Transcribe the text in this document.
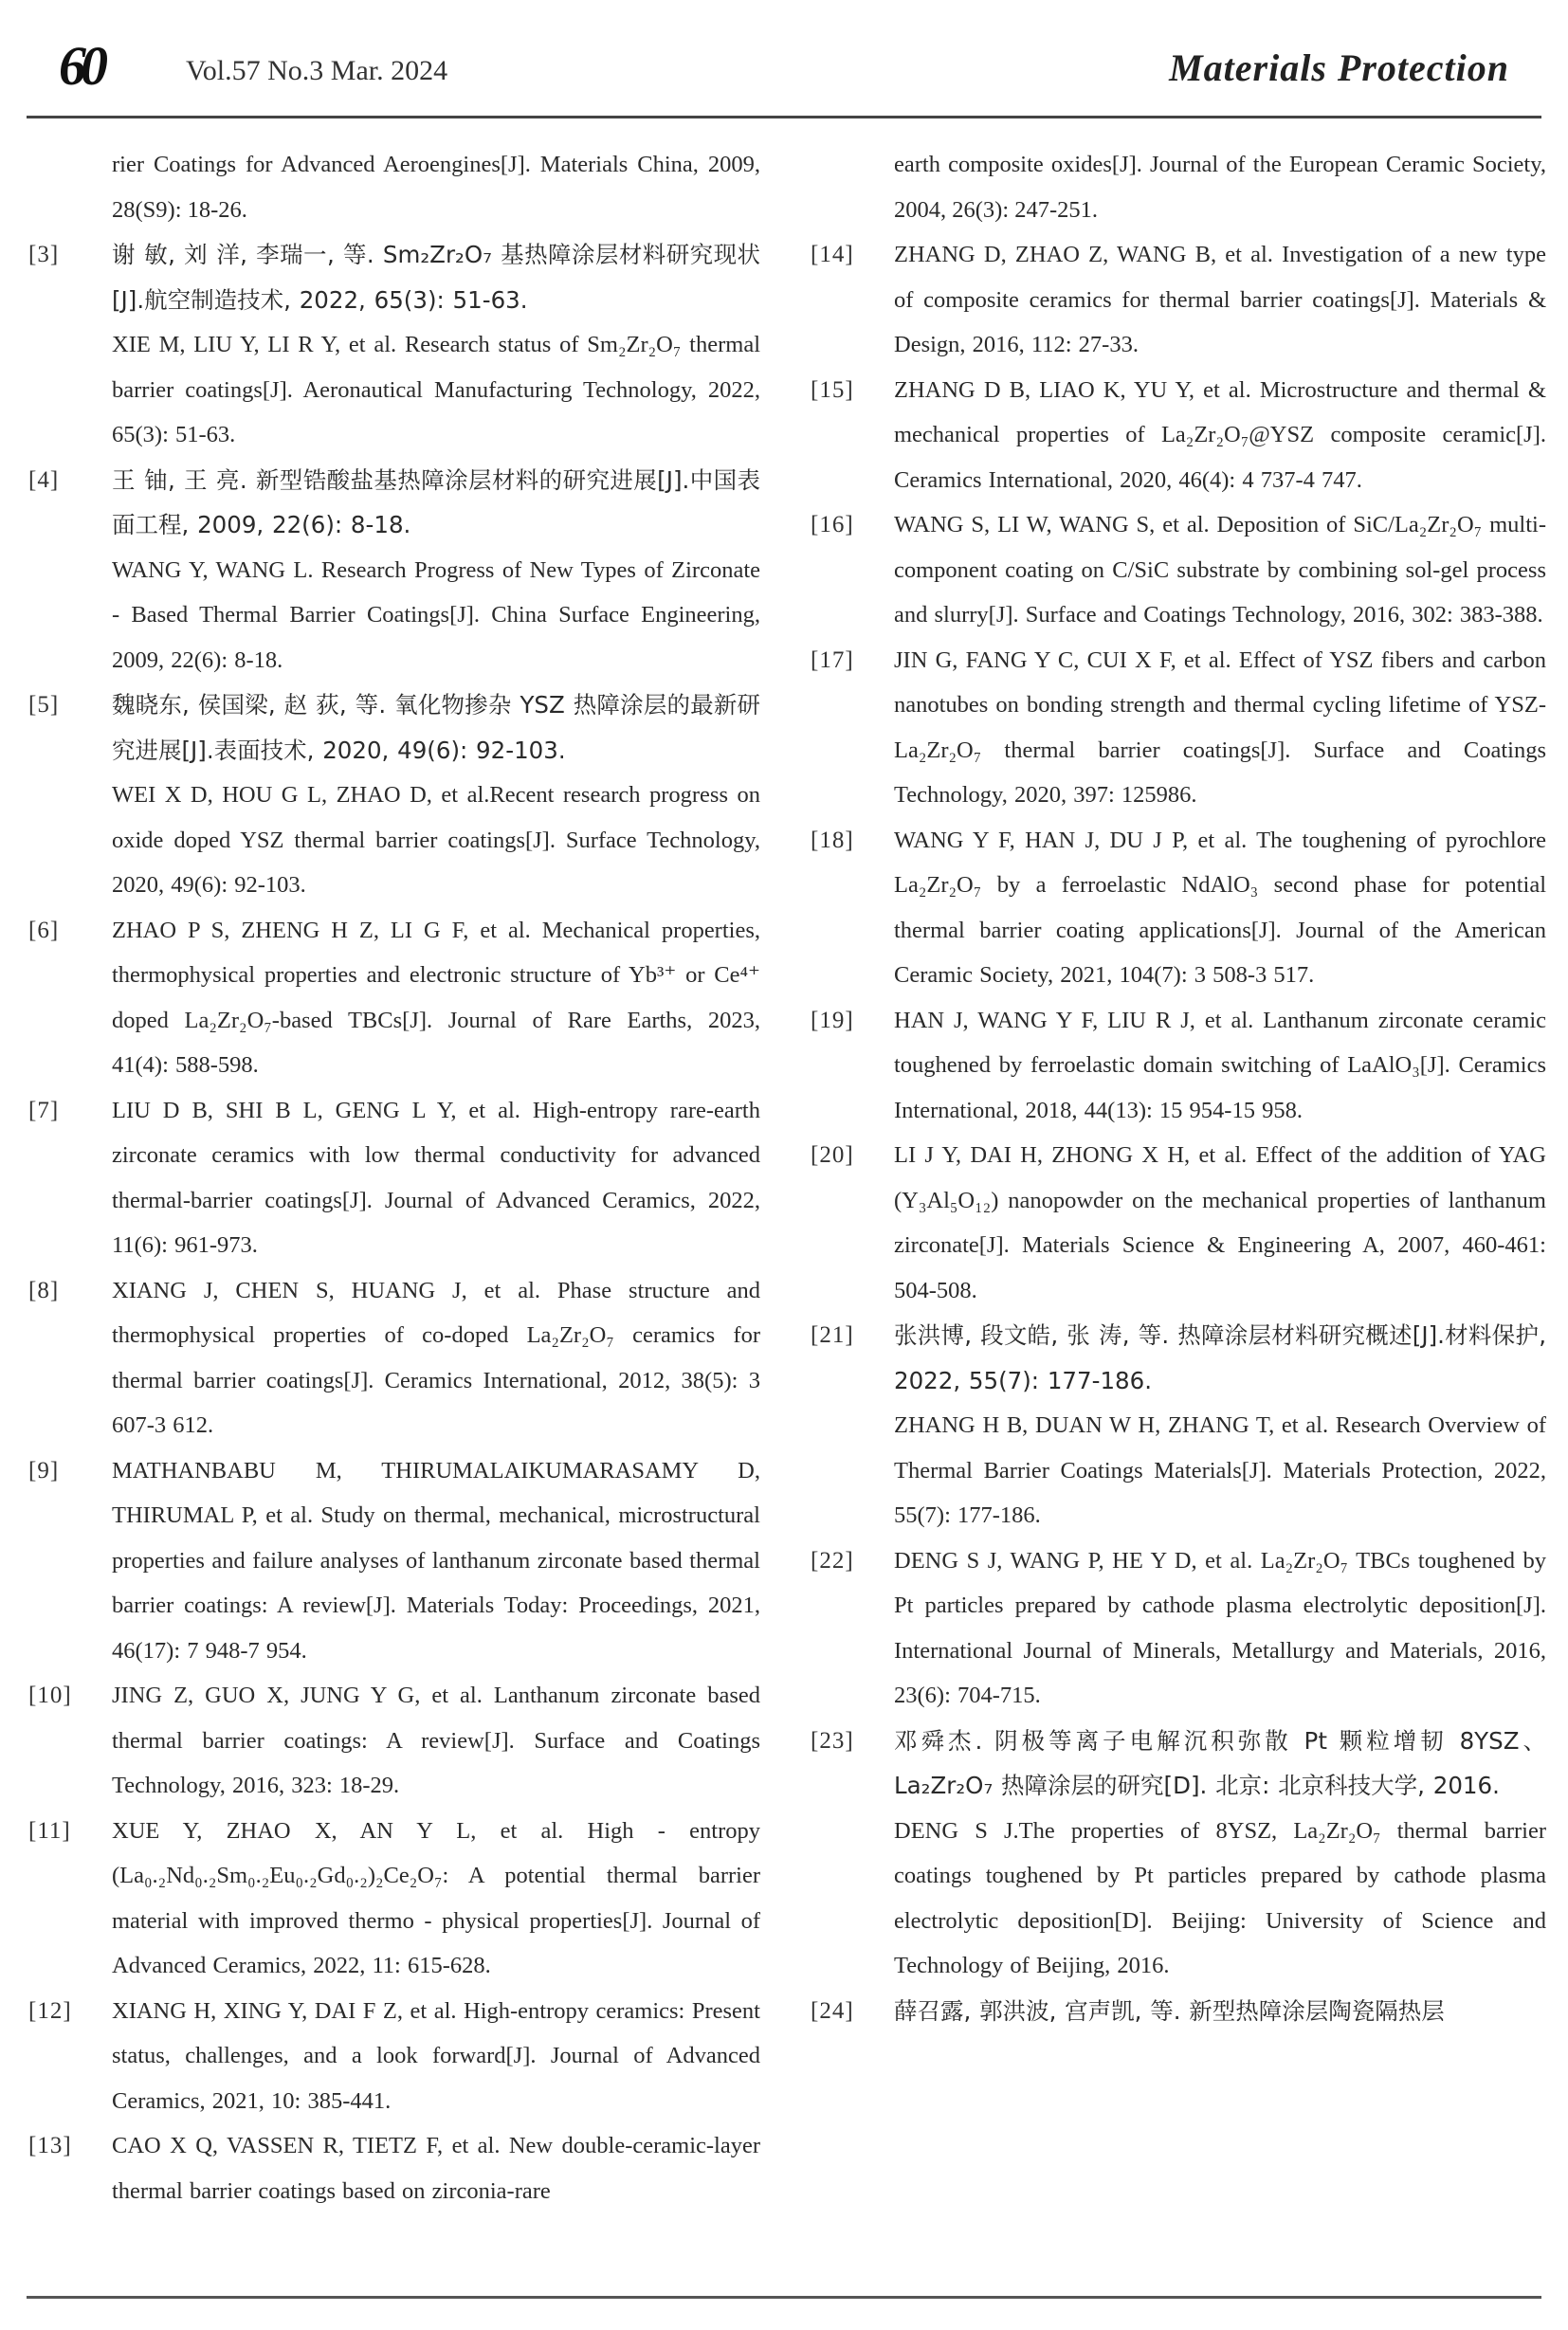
60	Vol.57 No.3 Mar. 2024	Materials Protection

rier Coatings for Advanced Aeroengines[J]. Materials China, 2009, 28(S9): 18-26.

[3]	谢 敏, 刘 洋, 李瑞一, 等. Sm₂Zr₂O₇ 基热障涂层材料研究现状[J].航空制造技术, 2022, 65(3): 51-63.

XIE M, LIU Y, LI R Y, et al. Research status of Sm₂Zr₂O₇ thermal barrier coatings[J]. Aeronautical Manufacturing Technology, 2022, 65(3): 51-63.

[4]	王 铀, 王 亮. 新型锆酸盐基热障涂层材料的研究进展[J].中国表面工程, 2009, 22(6): 8-18.

WANG Y, WANG L. Research Progress of New Types of Zirconate - Based Thermal Barrier Coatings[J]. China Surface Engineering, 2009, 22(6): 8-18.

[5]	魏晓东, 侯国梁, 赵 荻, 等. 氧化物掺杂 YSZ 热障涂层的最新研究进展[J].表面技术, 2020, 49(6): 92-103.

WEI X D, HOU G L, ZHAO D, et al.Recent research progress on oxide doped YSZ thermal barrier coatings[J]. Surface Technology, 2020, 49(6): 92-103.

[6]	ZHAO P S, ZHENG H Z, LI G F, et al. Mechanical properties, thermophysical properties and electronic structure of Yb³⁺ or Ce⁴⁺ doped La₂Zr₂O₇-based TBCs[J]. Journal of Rare Earths, 2023, 41(4): 588-598.

[7]	LIU D B, SHI B L, GENG L Y, et al. High-entropy rare-earth zirconate ceramics with low thermal conductivity for advanced thermal-barrier coatings[J]. Journal of Advanced Ceramics, 2022, 11(6): 961-973.

[8]	XIANG J, CHEN S, HUANG J, et al. Phase structure and thermophysical properties of co-doped La₂Zr₂O₇ ceramics for thermal barrier coatings[J]. Ceramics International, 2012, 38(5): 3 607-3 612.

[9]	MATHANBABU M, THIRUMALAIKUMARASAMY D, THIRUMAL P, et al. Study on thermal, mechanical, microstructural properties and failure analyses of lanthanum zirconate based thermal barrier coatings: A review[J]. Materials Today: Proceedings, 2021, 46(17): 7 948-7 954.

[10]	JING Z, GUO X, JUNG Y G, et al. Lanthanum zirconate based thermal barrier coatings: A review[J]. Surface and Coatings Technology, 2016, 323: 18-29.

[11]	XUE Y, ZHAO X, AN Y L, et al. High - entropy (La₀.₂Nd₀.₂Sm₀.₂Eu₀.₂Gd₀.₂)₂Ce₂O₇: A potential thermal barrier material with improved thermo - physical properties[J]. Journal of Advanced Ceramics, 2022, 11: 615-628.

[12]	XIANG H, XING Y, DAI F Z, et al. High-entropy ceramics: Present status, challenges, and a look forward[J]. Journal of Advanced Ceramics, 2021, 10: 385-441.

[13]	CAO X Q, VASSEN R, TIETZ F, et al. New double-ceramic-layer thermal barrier coatings based on zirconia-rare

earth composite oxides[J]. Journal of the European Ceramic Society, 2004, 26(3): 247-251.

[14]	ZHANG D, ZHAO Z, WANG B, et al. Investigation of a new type of composite ceramics for thermal barrier coatings[J]. Materials & Design, 2016, 112: 27-33.

[15]	ZHANG D B, LIAO K, YU Y, et al. Microstructure and thermal & mechanical properties of La₂Zr₂O₇@YSZ composite ceramic[J]. Ceramics International, 2020, 46(4): 4 737-4 747.

[16]	WANG S, LI W, WANG S, et al. Deposition of SiC/La₂Zr₂O₇ multi-component coating on C/SiC substrate by combining sol-gel process and slurry[J]. Surface and Coatings Technology, 2016, 302: 383-388.

[17]	JIN G, FANG Y C, CUI X F, et al. Effect of YSZ fibers and carbon nanotubes on bonding strength and thermal cycling lifetime of YSZ-La₂Zr₂O₇ thermal barrier coatings[J]. Surface and Coatings Technology, 2020, 397: 125986.

[18]	WANG Y F, HAN J, DU J P, et al. The toughening of pyrochlore La₂Zr₂O₇ by a ferroelastic NdAlO₃ second phase for potential thermal barrier coating applications[J]. Journal of the American Ceramic Society, 2021, 104(7): 3 508-3 517.

[19]	HAN J, WANG Y F, LIU R J, et al. Lanthanum zirconate ceramic toughened by ferroelastic domain switching of LaAlO₃[J]. Ceramics International, 2018, 44(13): 15 954-15 958.

[20]	LI J Y, DAI H, ZHONG X H, et al. Effect of the addition of YAG (Y₃Al₅O₁₂) nanopowder on the mechanical properties of lanthanum zirconate[J]. Materials Science & Engineering A, 2007, 460-461: 504-508.

[21]	张洪博, 段文皓, 张 涛, 等. 热障涂层材料研究概述[J].材料保护, 2022, 55(7): 177-186.

ZHANG H B, DUAN W H, ZHANG T, et al. Research Overview of Thermal Barrier Coatings Materials[J]. Materials Protection, 2022, 55(7): 177-186.

[22]	DENG S J, WANG P, HE Y D, et al. La₂Zr₂O₇ TBCs toughened by Pt particles prepared by cathode plasma electrolytic deposition[J]. International Journal of Minerals, Metallurgy and Materials, 2016, 23(6): 704-715.

[23]	邓舜杰. 阴极等离子电解沉积弥散 Pt 颗粒增韧 8YSZ、La₂Zr₂O₇ 热障涂层的研究[D]. 北京: 北京科技大学, 2016.

DENG S J.The properties of 8YSZ, La₂Zr₂O₇ thermal barrier coatings toughened by Pt particles prepared by cathode plasma electrolytic deposition[D]. Beijing: University of Science and Technology of Beijing, 2016.

[24]	薛召露, 郭洪波, 宫声凯, 等. 新型热障涂层陶瓷隔热层
